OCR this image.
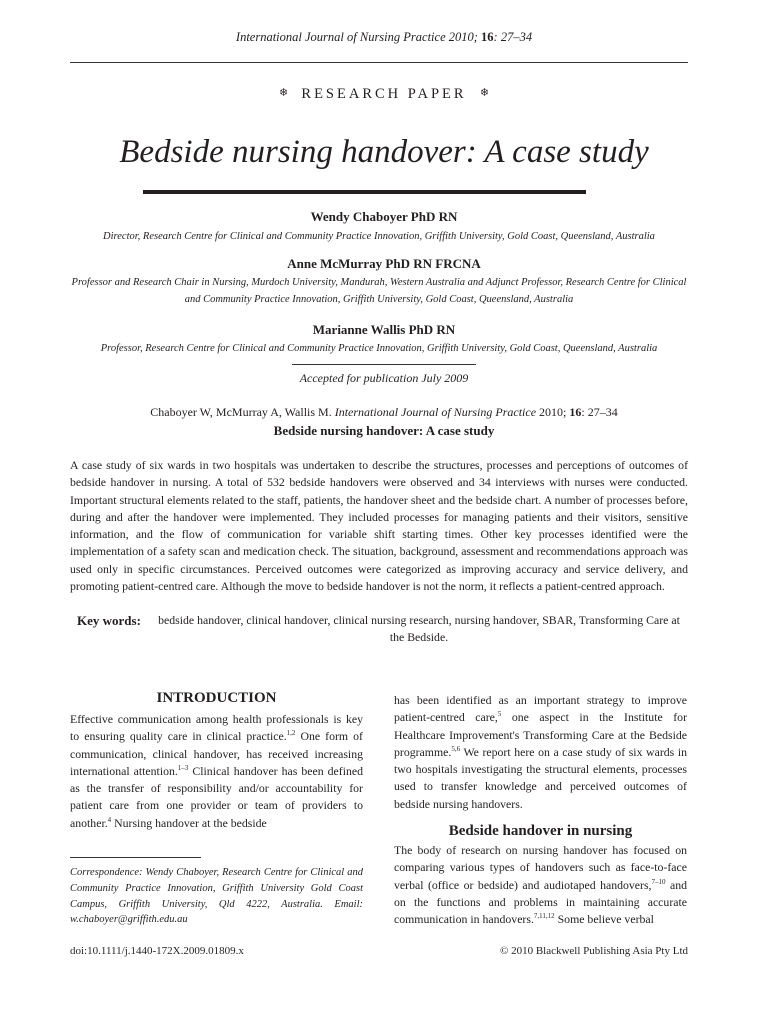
International Journal of Nursing Practice 2010; 16: 27–34
❄ RESEARCH PAPER ❄
Bedside nursing handover: A case study
Wendy Chaboyer PhD RN
Director, Research Centre for Clinical and Community Practice Innovation, Griffith University, Gold Coast, Queensland, Australia
Anne McMurray PhD RN FRCNA
Professor and Research Chair in Nursing, Murdoch University, Mandurah, Western Australia and Adjunct Professor, Research Centre for Clinical and Community Practice Innovation, Griffith University, Gold Coast, Queensland, Australia
Marianne Wallis PhD RN
Professor, Research Centre for Clinical and Community Practice Innovation, Griffith University, Gold Coast, Queensland, Australia
Accepted for publication July 2009
Chaboyer W, McMurray A, Wallis M. International Journal of Nursing Practice 2010; 16: 27–34
Bedside nursing handover: A case study
A case study of six wards in two hospitals was undertaken to describe the structures, processes and perceptions of outcomes of bedside handover in nursing. A total of 532 bedside handovers were observed and 34 interviews with nurses were conducted. Important structural elements related to the staff, patients, the handover sheet and the bedside chart. A number of processes before, during and after the handover were implemented. They included processes for managing patients and their visitors, sensitive information, and the flow of communication for variable shift starting times. Other key processes identified were the implementation of a safety scan and medication check. The situation, background, assessment and recommendations approach was used only in specific circumstances. Perceived outcomes were categorized as improving accuracy and service delivery, and promoting patient-centred care. Although the move to bedside handover is not the norm, it reflects a patient-centred approach.
Key words:	bedside handover, clinical handover, clinical nursing research, nursing handover, SBAR, Transforming Care at the Bedside.
INTRODUCTION
Effective communication among health professionals is key to ensuring quality care in clinical practice.$^{1,2}$ One form of communication, clinical handover, has received increasing international attention.$^{1-3}$ Clinical handover has been defined as the transfer of responsibility and/or accountability for patient care from one provider or team of providers to another.$^4$ Nursing handover at the bedside
Correspondence: Wendy Chaboyer, Research Centre for Clinical and Community Practice Innovation, Griffith University Gold Coast Campus, Griffith University, Qld 4222, Australia. Email: w.chaboyer@griffith.edu.au
has been identified as an important strategy to improve patient-centred care,$^5$ one aspect in the Institute for Healthcare Improvement's Transforming Care at the Bedside programme.$^{5,6}$ We report here on a case study of six wards in two hospitals investigating the structural elements, processes used to transfer knowledge and perceived outcomes of bedside nursing handovers.
Bedside handover in nursing
The body of research on nursing handover has focused on comparing various types of handovers such as face-to-face verbal (office or bedside) and audiotaped handovers,$^{7-10}$ and on the functions and problems in maintaining accurate communication in handovers.$^{7,11,12}$ Some believe verbal
doi:10.1111/j.1440-172X.2009.01809.x	© 2010 Blackwell Publishing Asia Pty Ltd
